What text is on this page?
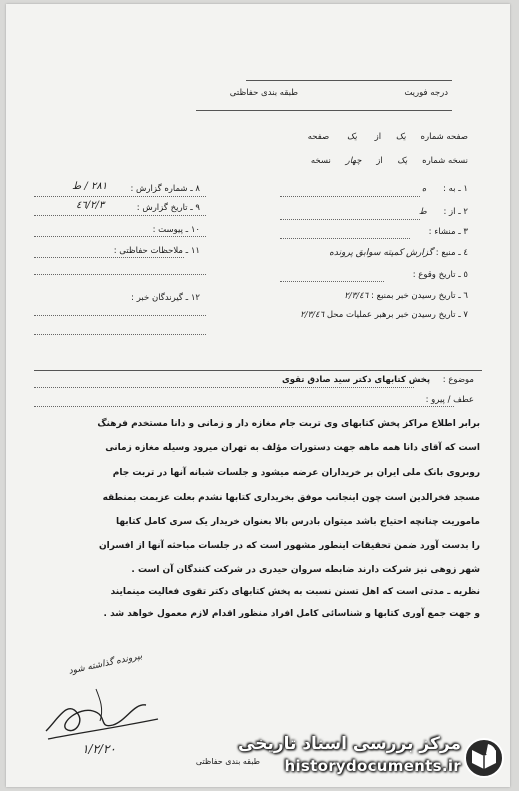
درجه فوریت
طبقه بندی حفاظتی
صفحه شماره یک از یک صفحه
نسخه شماره یک از چهار نسخه
۱ ـ به : ه
۲ ـ از : ط
۳ ـ منشاء :
٤ ـ منبع : گزارش کمیته سوابق پرونده
٥ ـ تاریخ وقوع :
٦ ـ تاریخ رسیدن خبر بمنبع : ۲/۳/٤٦
۷ ـ تاریخ رسیدن خبر برهبر عملیات محل ۲/۳/٤٦
۸ ـ شماره گزارش :
۲۸۱ / ط
۹ ـ تاریخ گزارش :
۲/۳/٤٦
۱۰ ـ پیوست :
۱۱ ـ ملاحظات حفاظتی :
۱۲ ـ گیرندگان خبر :
موضوع : پخش کتابهای دکتر سید صادق تقوی
عطف / پیرو :
برابر اطلاع مراکز پخش کتابهای وی تربت جام مغازه دار و زمانی و دانا مستخدم فرهنگ
است که آقای دانا همه ماهه جهت دستورات مؤلف به تهران میرود وسیله مغازه زمانی
روبروی بانک ملی ایران بر خریداران عرضه میشود و جلسات شبانه آنها در تربت جام
مسجد فخرالدین است چون اینجانب موفق بخریداری کتابها نشدم بعلت عزیمت بمنطقه
ماموریت چنانچه احتیاج باشد میتوان بادرس بالا بعنوان خریدار یک سری کامل کتابها
را بدست آورد ضمن تحقیقات اینطور مشهور است که در جلسات مباحثه آنها از افسران
شهر زوهی نیز شرکت دارند ضابطه سروان حیدری در شرکت کنندگان آن است .
نظریه ـ مدتی است که اهل تسنن نسبت به پخش کتابهای دکتر تقوی فعالیت مینمایند
و جهت جمع آوری کتابها و شناسائی کامل افراد منظور اقدام لازم معمول خواهد شد .
بپرونده گذاشته شود
۱/۲/۲۰
طبقه بندی حفاظتی
مرکز بررسی اسناد تاریخی
historydocuments.ir
